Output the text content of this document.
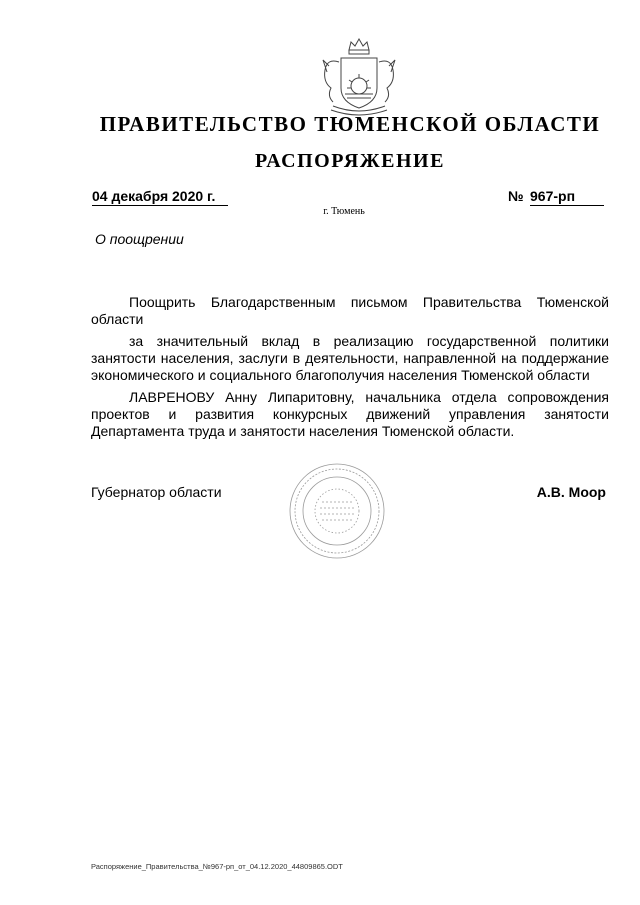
ПРАВИТЕЛЬСТВО ТЮМЕНСКОЙ ОБЛАСТИ
РАСПОРЯЖЕНИЕ
04 декабря 2020 г.	№ 967-рп
г. Тюмень
О поощрении
Поощрить Благодарственным письмом Правительства Тюменской области
за значительный вклад в реализацию государственной политики занятости населения, заслуги в деятельности, направленной на поддержание экономического и социального благополучия населения Тюменской области
ЛАВРЕНОВУ Анну Липаритовну, начальника отдела сопровождения проектов и развития конкурсных движений управления занятости Департамента труда и занятости населения Тюменской области.
Губернатор области	А.В. Моор
Распоряжение_Правительства_№967-рп_от_04.12.2020_44809865.ODT
